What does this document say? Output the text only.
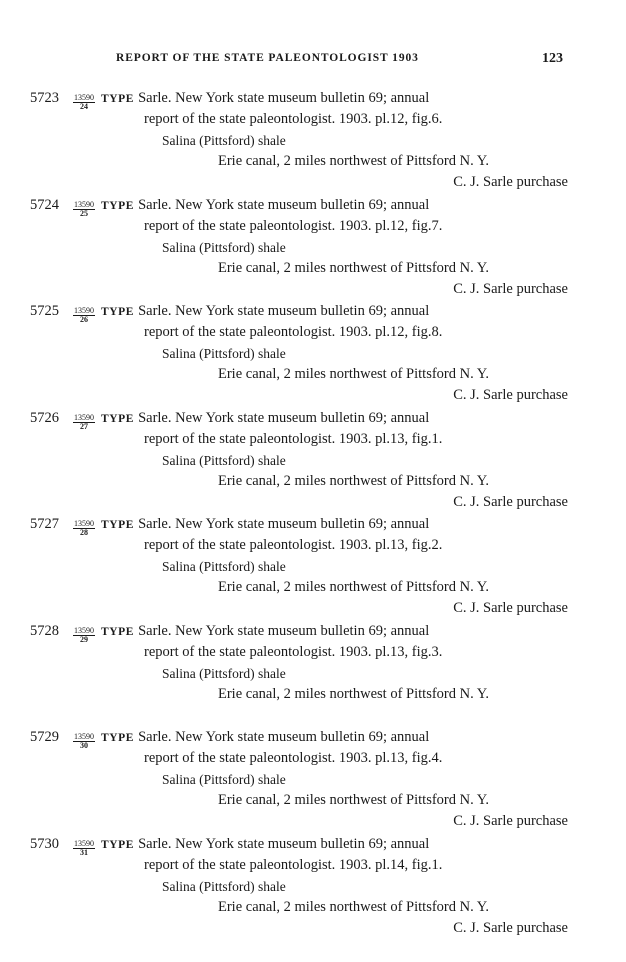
REPORT OF THE STATE PALEONTOLOGIST 1903	123
$5723 \frac{13590}{24}$ TYPE Sarle. New York state museum bulletin 69; annual
report of the state paleontologist. 1903. pl.12, fig.6.
Salina (Pittsford) shale
Erie canal, 2 miles northwest of Pittsford N. Y.
C. J. Sarle purchase
$5724 \frac{13590}{25}$ TYPE Sarle. New York state museum bulletin 69; annual
report of the state paleontologist. 1903. pl.12, fig.7.
Salina (Pittsford) shale
Erie canal, 2 miles northwest of Pittsford N. Y.
C. J. Sarle purchase
$5725 \frac{13590}{26}$ TYPE Sarle. New York state museum bulletin 69; annual
report of the state paleontologist. 1903. pl.12, fig.8.
Salina (Pittsford) shale
Erie canal, 2 miles northwest of Pittsford N. Y.
C. J. Sarle purchase
$5726 \frac{13590}{27}$ TYPE Sarle. New York state museum bulletin 69; annual
report of the state paleontologist. 1903. pl.13, fig.1.
Salina (Pittsford) shale
Erie canal, 2 miles northwest of Pittsford N. Y.
C. J. Sarle purchase
$5727 \frac{13590}{28}$ TYPE Sarle. New York state museum bulletin 69; annual
report of the state paleontologist. 1903. pl.13, fig.2.
Salina (Pittsford) shale
Erie canal, 2 miles northwest of Pittsford N. Y.
C. J. Sarle purchase
$5728 \frac{13590}{29}$ TYPE Sarle. New York state museum bulletin 69; annual
report of the state paleontologist. 1903. pl.13, fig.3.
Salina (Pittsford) shale
Erie canal, 2 miles northwest of Pittsford N. Y.
$5729 \frac{13590}{30}$ TYPE Sarle. New York state museum bulletin 69; annual
report of the state paleontologist. 1903. pl.13, fig.4.
Salina (Pittsford) shale
Erie canal, 2 miles northwest of Pittsford N. Y.
C. J. Sarle purchase
$5730 \frac{13590}{31}$ TYPE Sarle. New York state museum bulletin 69; annual
report of the state paleontologist. 1903. pl.14, fig.1.
Salina (Pittsford) shale
Erie canal, 2 miles northwest of Pittsford N. Y.
C. J. Sarle purchase
